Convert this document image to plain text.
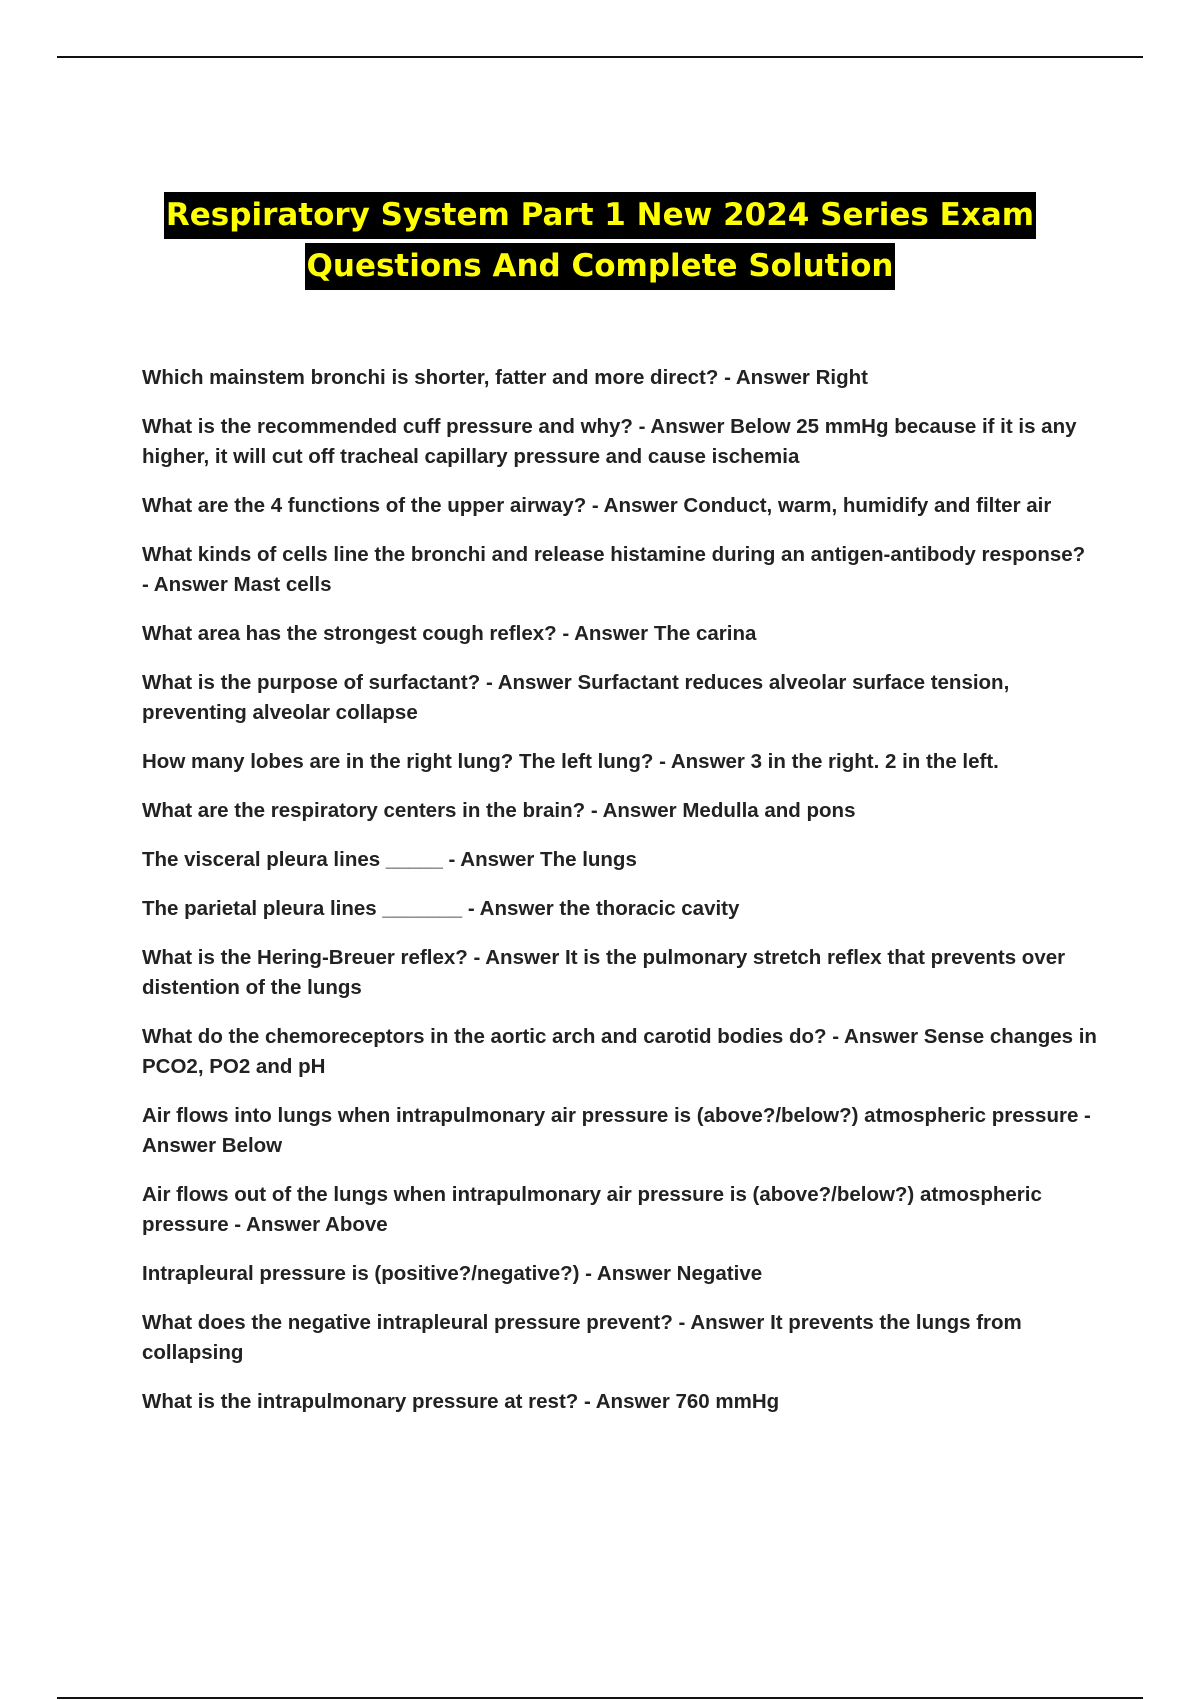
Respiratory System Part 1 New 2024 Series Exam
Questions And Complete Solution
Which mainstem bronchi is shorter, fatter and more direct? - Answer Right
What is the recommended cuff pressure and why? - Answer Below 25 mmHg because if it is any higher, it will cut off tracheal capillary pressure and cause ischemia
What are the 4 functions of the upper airway? - Answer Conduct, warm, humidify and filter air
What kinds of cells line the bronchi and release histamine during an antigen-antibody response? - Answer Mast cells
What area has the strongest cough reflex? - Answer The carina
What is the purpose of surfactant? - Answer Surfactant reduces alveolar surface tension, preventing alveolar collapse
How many lobes are in the right lung? The left lung? - Answer 3 in the right. 2 in the left.
What are the respiratory centers in the brain? - Answer Medulla and pons
The visceral pleura lines _____ - Answer The lungs
The parietal pleura lines _______ - Answer the thoracic cavity
What is the Hering-Breuer reflex? - Answer It is the pulmonary stretch reflex that prevents over distention of the lungs
What do the chemoreceptors in the aortic arch and carotid bodies do? - Answer Sense changes in PCO2, PO2 and pH
Air flows into lungs when intrapulmonary air pressure is (above?/below?) atmospheric pressure - Answer Below
Air flows out of the lungs when intrapulmonary air pressure is (above?/below?) atmospheric pressure - Answer Above
Intrapleural pressure is (positive?/negative?) - Answer Negative
What does the negative intrapleural pressure prevent? - Answer It prevents the lungs from collapsing
What is the intrapulmonary pressure at rest? - Answer 760 mmHg
